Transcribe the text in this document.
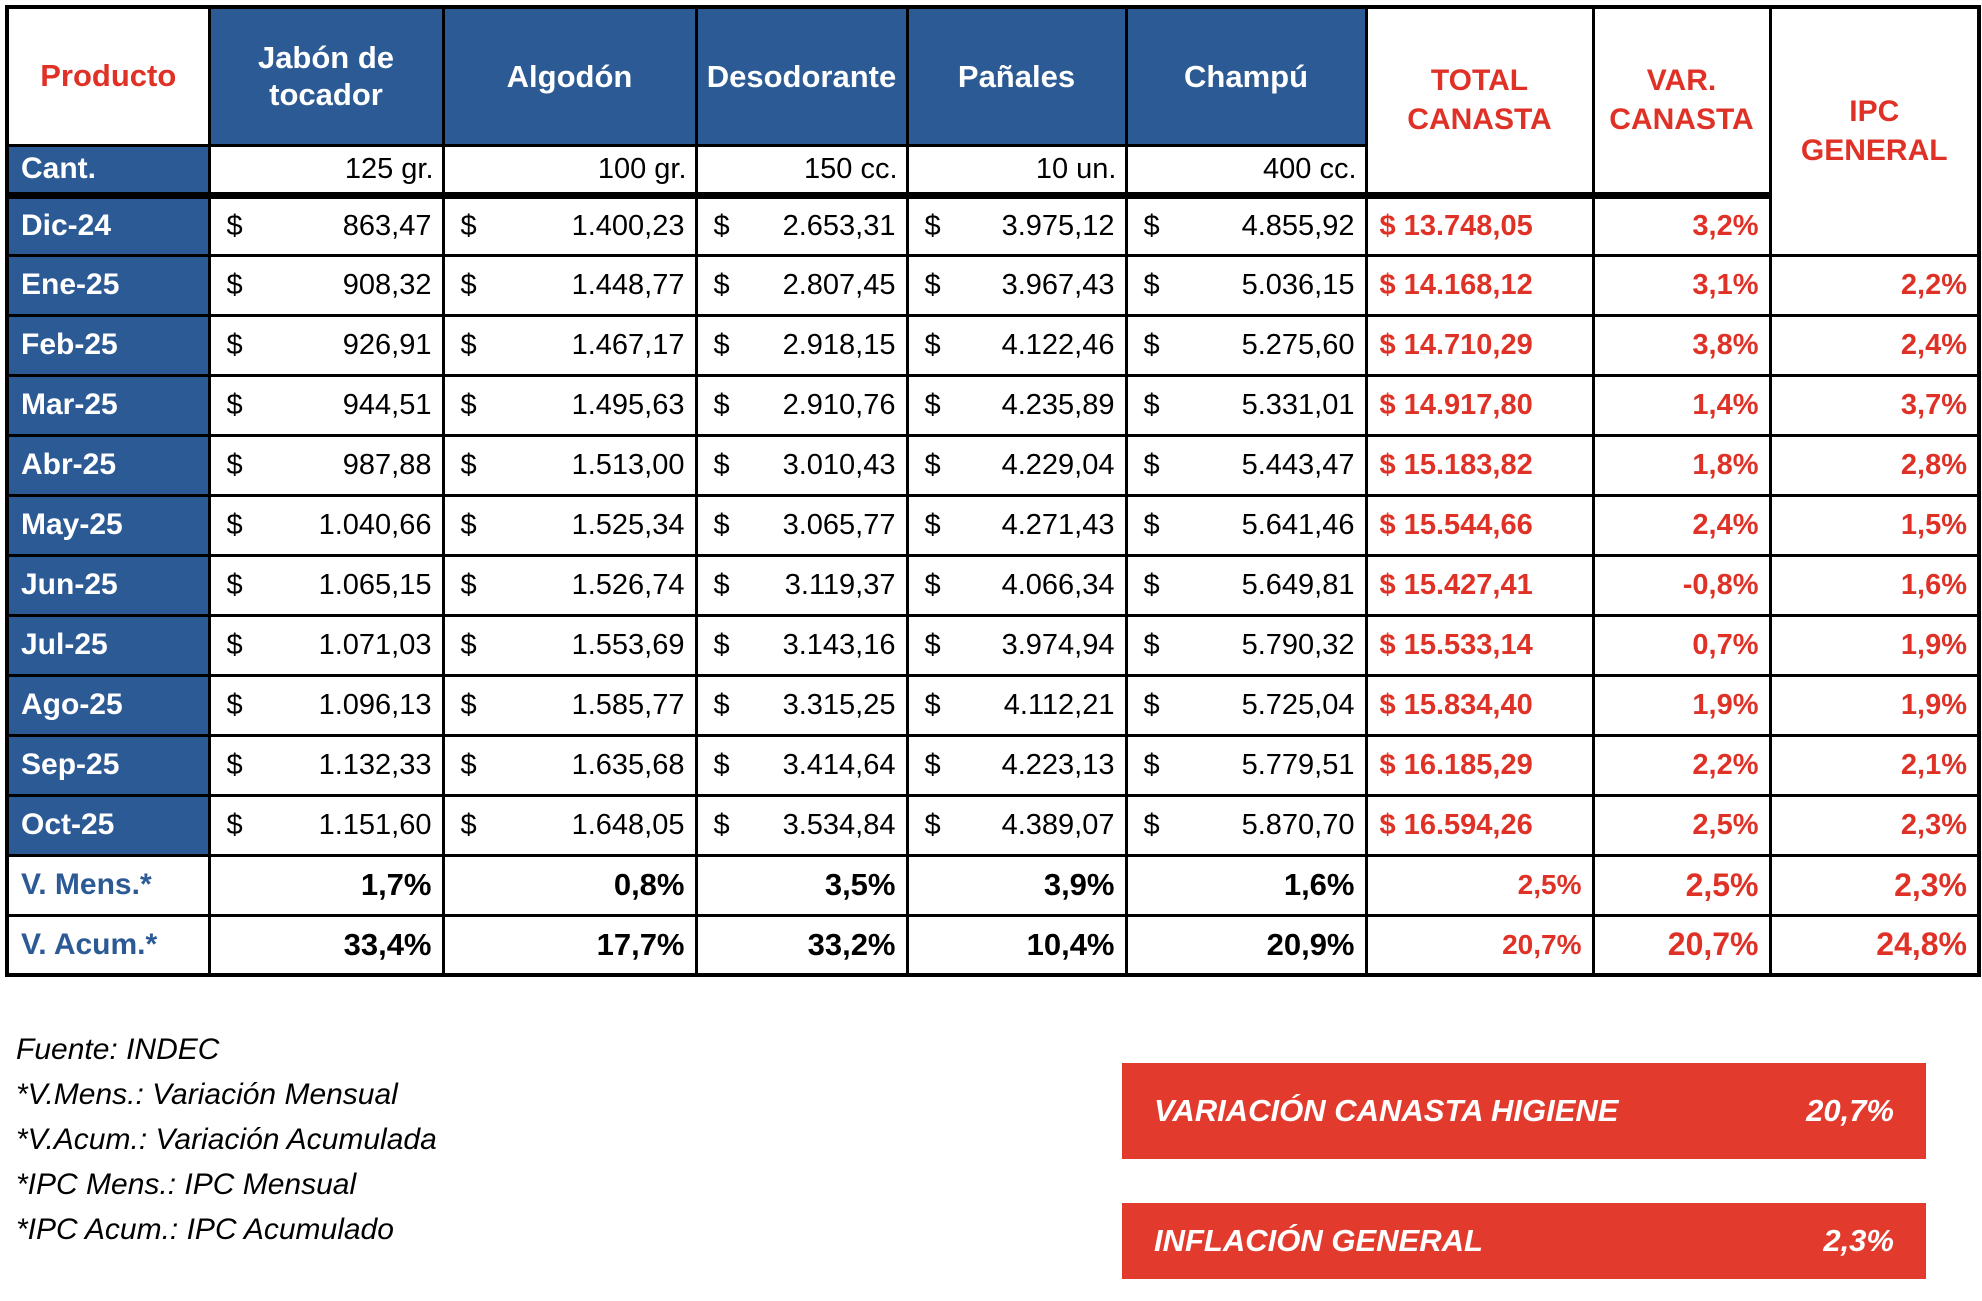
Producto	Jabón de tocador	Algodón	Desodorante	Pañales	Champú	TOTAL CANASTA	VAR. CANASTA	IPC GENERAL
Cant.	125 gr.	100 gr.	150 cc.	10 un.	400 cc.			
Dic-24	$ 863,47	$ 1.400,23	$ 2.653,31	$ 3.975,12	$ 4.855,92	$ 13.748,05	3,2%	
Ene-25	$ 908,32	$ 1.448,77	$ 2.807,45	$ 3.967,43	$ 5.036,15	$ 14.168,12	3,1%	2,2%
Feb-25	$ 926,91	$ 1.467,17	$ 2.918,15	$ 4.122,46	$ 5.275,60	$ 14.710,29	3,8%	2,4%
Mar-25	$ 944,51	$ 1.495,63	$ 2.910,76	$ 4.235,89	$ 5.331,01	$ 14.917,80	1,4%	3,7%
Abr-25	$ 987,88	$ 1.513,00	$ 3.010,43	$ 4.229,04	$ 5.443,47	$ 15.183,82	1,8%	2,8%
May-25	$ 1.040,66	$ 1.525,34	$ 3.065,77	$ 4.271,43	$ 5.641,46	$ 15.544,66	2,4%	1,5%
Jun-25	$ 1.065,15	$ 1.526,74	$ 3.119,37	$ 4.066,34	$ 5.649,81	$ 15.427,41	-0,8%	1,6%
Jul-25	$ 1.071,03	$ 1.553,69	$ 3.143,16	$ 3.974,94	$ 5.790,32	$ 15.533,14	0,7%	1,9%
Ago-25	$ 1.096,13	$ 1.585,77	$ 3.315,25	$ 4.112,21	$ 5.725,04	$ 15.834,40	1,9%	1,9%
Sep-25	$ 1.132,33	$ 1.635,68	$ 3.414,64	$ 4.223,13	$ 5.779,51	$ 16.185,29	2,2%	2,1%
Oct-25	$ 1.151,60	$ 1.648,05	$ 3.534,84	$ 4.389,07	$ 5.870,70	$ 16.594,26	2,5%	2,3%
V. Mens.*	1,7%	0,8%	3,5%	3,9%	1,6%	2,5%	2,5%	2,3%
V. Acum.*	33,4%	17,7%	33,2%	10,4%	20,9%	20,7%	20,7%	24,8%
Fuente: INDEC
*V.Mens.: Variación Mensual
*V.Acum.: Variación Acumulada
*IPC Mens.: IPC Mensual
*IPC Acum.: IPC Acumulado
VARIACIÓN CANASTA HIGIENE	20,7%
INFLACIÓN GENERAL	2,3%
